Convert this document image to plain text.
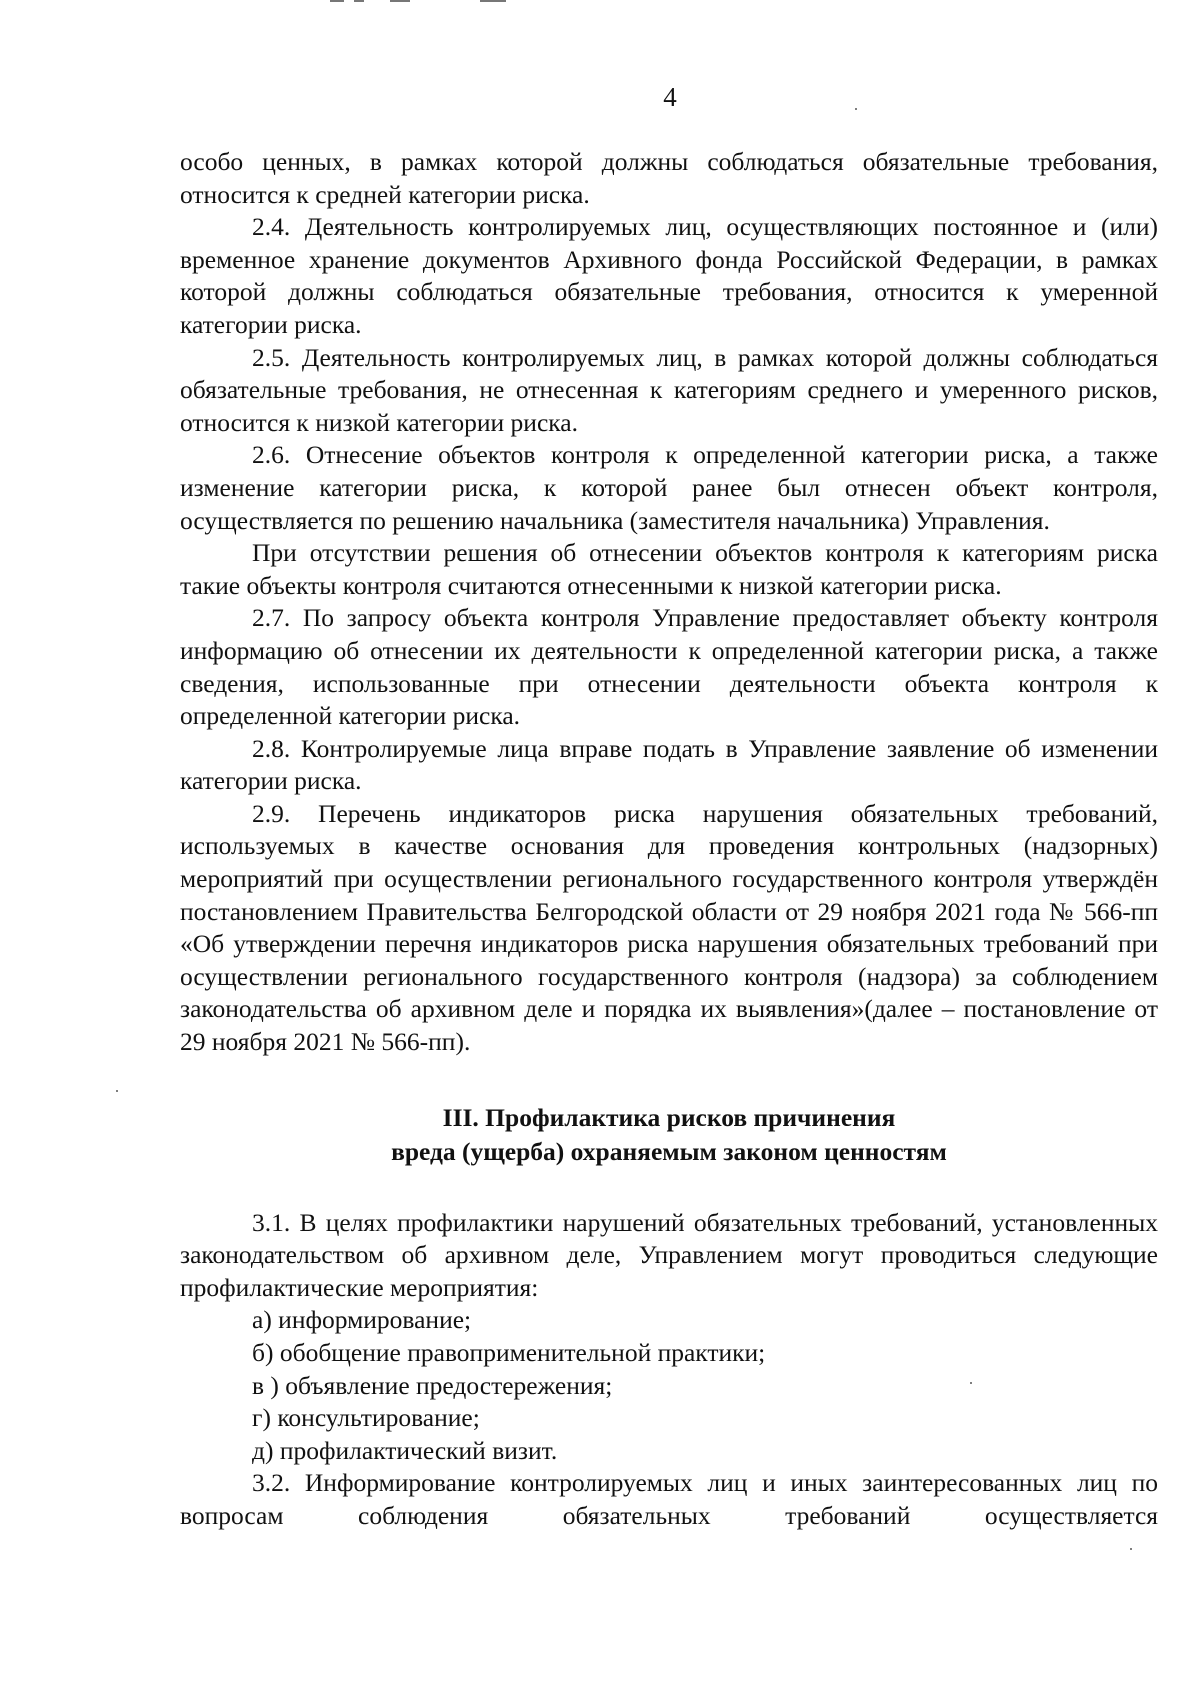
4

особо ценных, в рамках которой должны соблюдаться обязательные требования, относится к средней категории риска.

2.4. Деятельность контролируемых лиц, осуществляющих постоянное и (или) временное хранение документов Архивного фонда Российской Федерации, в рамках которой должны соблюдаться обязательные требования, относится к умеренной категории риска.

2.5. Деятельность контролируемых лиц, в рамках которой должны соблюдаться обязательные требования, не отнесенная к категориям среднего и умеренного рисков, относится к низкой категории риска.

2.6. Отнесение объектов контроля к определенной категории риска, а также изменение категории риска, к которой ранее был отнесен объект контроля, осуществляется по решению начальника (заместителя начальника) Управления.

При отсутствии решения об отнесении объектов контроля к категориям риска такие объекты контроля считаются отнесенными к низкой категории риска.

2.7. По запросу объекта контроля Управление предоставляет объекту контроля информацию об отнесении их деятельности к определенной категории риска, а также сведения, использованные при отнесении деятельности объекта контроля к определенной категории риска.

2.8. Контролируемые лица вправе подать в Управление заявление об изменении категории риска.

2.9. Перечень индикаторов риска нарушения обязательных требований, используемых в качестве основания для проведения контрольных (надзорных) мероприятий при осуществлении регионального государственного контроля утверждён постановлением Правительства Белгородской области от 29 ноября 2021 года № 566-пп «Об утверждении перечня индикаторов риска нарушения обязательных требований при осуществлении регионального государственного контроля (надзора) за соблюдением законодательства об архивном деле и порядка их выявления»(далее – постановление от 29 ноября 2021 № 566-пп).

III. Профилактика рисков причинения
вреда (ущерба) охраняемым законом ценностям

3.1. В целях профилактики нарушений обязательных требований, установленных законодательством об архивном деле, Управлением могут проводиться следующие профилактические мероприятия:

а) информирование;

б) обобщение правоприменительной практики;

в ) объявление предостережения;

г) консультирование;

д) профилактический визит.

3.2. Информирование контролируемых лиц и иных заинтересованных лиц по вопросам соблюдения обязательных требований осуществляется
